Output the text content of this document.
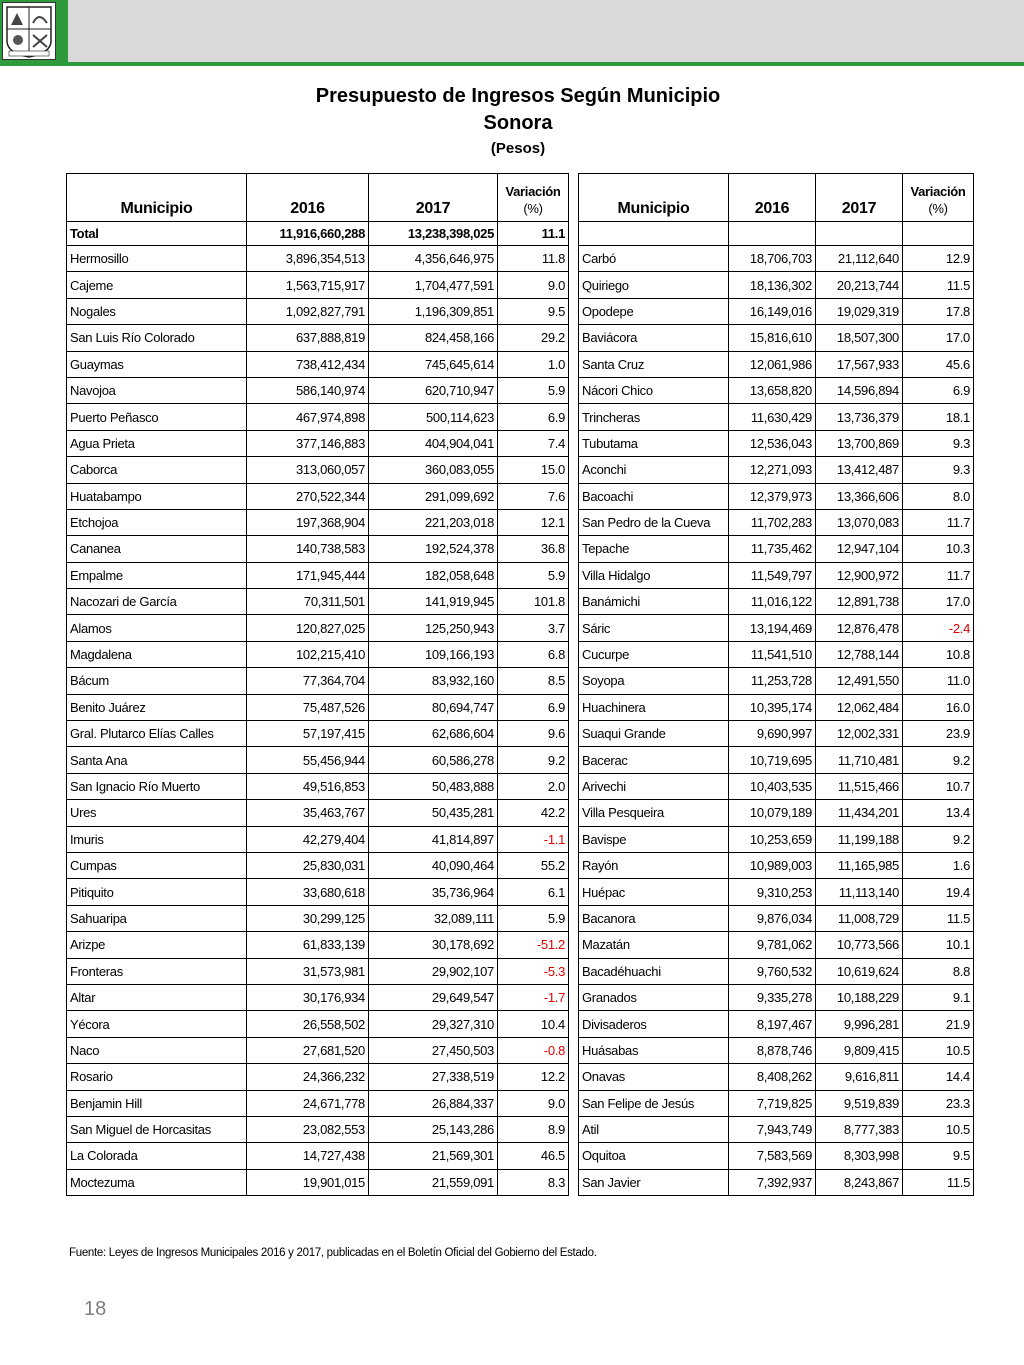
Presupuesto de Ingresos Según Municipio
Sonora
(Pesos)
Municipio	2016	2017	Variación
(%)
Total	11,916,660,288	13,238,398,025	11.1
Hermosillo	3,896,354,513	4,356,646,975	11.8
Cajeme	1,563,715,917	1,704,477,591	9.0
Nogales	1,092,827,791	1,196,309,851	9.5
San Luis Río Colorado	637,888,819	824,458,166	29.2
Guaymas	738,412,434	745,645,614	1.0
Navojoa	586,140,974	620,710,947	5.9
Puerto Peñasco	467,974,898	500,114,623	6.9
Agua Prieta	377,146,883	404,904,041	7.4
Caborca	313,060,057	360,083,055	15.0
Huatabampo	270,522,344	291,099,692	7.6
Etchojoa	197,368,904	221,203,018	12.1
Cananea	140,738,583	192,524,378	36.8
Empalme	171,945,444	182,058,648	5.9
Nacozari de García	70,311,501	141,919,945	101.8
Alamos	120,827,025	125,250,943	3.7
Magdalena	102,215,410	109,166,193	6.8
Bácum	77,364,704	83,932,160	8.5
Benito Juárez	75,487,526	80,694,747	6.9
Gral. Plutarco Elías Calles	57,197,415	62,686,604	9.6
Santa Ana	55,456,944	60,586,278	9.2
San Ignacio Río Muerto	49,516,853	50,483,888	2.0
Ures	35,463,767	50,435,281	42.2
Imuris	42,279,404	41,814,897	-1.1
Cumpas	25,830,031	40,090,464	55.2
Pitiquito	33,680,618	35,736,964	6.1
Sahuaripa	30,299,125	32,089,111	5.9
Arizpe	61,833,139	30,178,692	-51.2
Fronteras	31,573,981	29,902,107	-5.3
Altar	30,176,934	29,649,547	-1.7
Yécora	26,558,502	29,327,310	10.4
Naco	27,681,520	27,450,503	-0.8
Rosario	24,366,232	27,338,519	12.2
Benjamin Hill	24,671,778	26,884,337	9.0
San Miguel de Horcasitas	23,082,553	25,143,286	8.9
La Colorada	14,727,438	21,569,301	46.5
Moctezuma	19,901,015	21,559,091	8.3
Municipio	2016	2017	Variación
(%)

Carbó	18,706,703	21,112,640	12.9
Quiriego	18,136,302	20,213,744	11.5
Opodepe	16,149,016	19,029,319	17.8
Baviácora	15,816,610	18,507,300	17.0
Santa Cruz	12,061,986	17,567,933	45.6
Nácori Chico	13,658,820	14,596,894	6.9
Trincheras	11,630,429	13,736,379	18.1
Tubutama	12,536,043	13,700,869	9.3
Aconchi	12,271,093	13,412,487	9.3
Bacoachi	12,379,973	13,366,606	8.0
San Pedro de la Cueva	11,702,283	13,070,083	11.7
Tepache	11,735,462	12,947,104	10.3
Villa Hidalgo	11,549,797	12,900,972	11.7
Banámichi	11,016,122	12,891,738	17.0
Sáric	13,194,469	12,876,478	-2.4
Cucurpe	11,541,510	12,788,144	10.8
Soyopa	11,253,728	12,491,550	11.0
Huachinera	10,395,174	12,062,484	16.0
Suaqui Grande	9,690,997	12,002,331	23.9
Bacerac	10,719,695	11,710,481	9.2
Arivechi	10,403,535	11,515,466	10.7
Villa Pesqueira	10,079,189	11,434,201	13.4
Bavispe	10,253,659	11,199,188	9.2
Rayón	10,989,003	11,165,985	1.6
Huépac	9,310,253	11,113,140	19.4
Bacanora	9,876,034	11,008,729	11.5
Mazatán	9,781,062	10,773,566	10.1
Bacadéhuachi	9,760,532	10,619,624	8.8
Granados	9,335,278	10,188,229	9.1
Divisaderos	8,197,467	9,996,281	21.9
Huásabas	8,878,746	9,809,415	10.5
Onavas	8,408,262	9,616,811	14.4
San Felipe de Jesús	7,719,825	9,519,839	23.3
Atil	7,943,749	8,777,383	10.5
Oquitoa	7,583,569	8,303,998	9.5
San Javier	7,392,937	8,243,867	11.5
Fuente: Leyes de Ingresos Municipales 2016 y 2017, publicadas en el Boletín Oficial del Gobierno del Estado.
18
